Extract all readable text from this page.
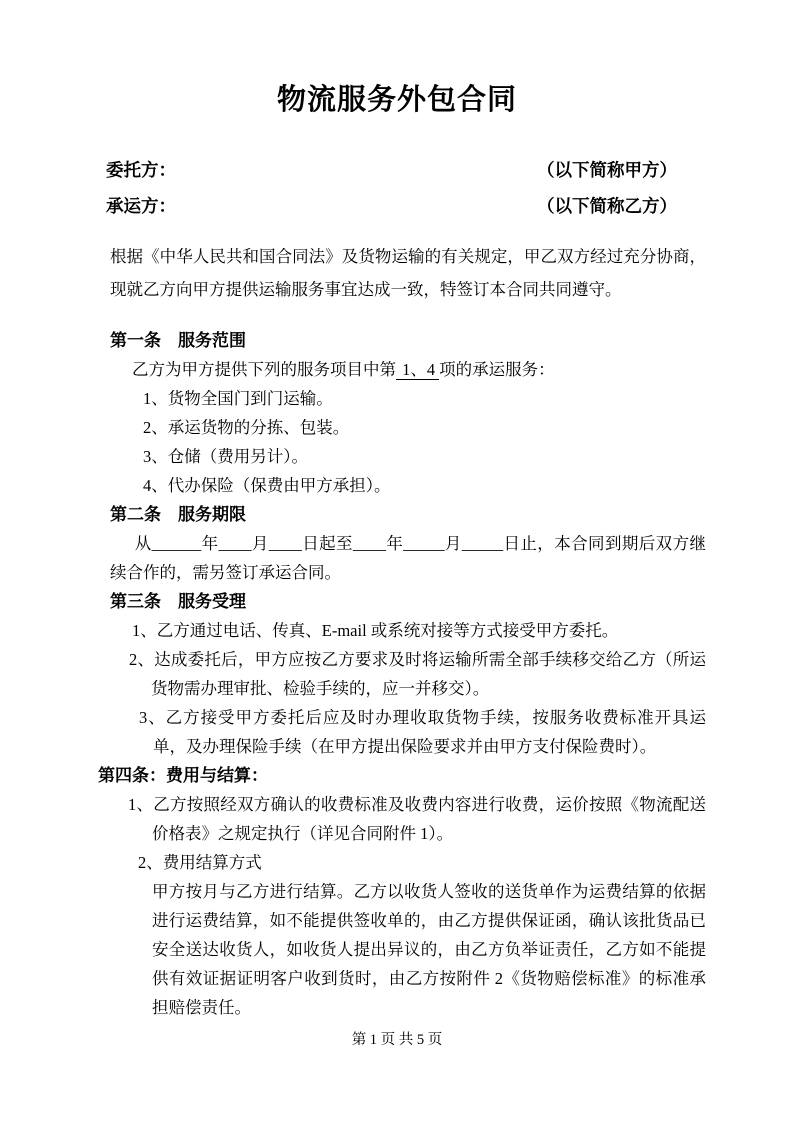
物流服务外包合同
委托方：	（以下简称甲方）
承运方：	（以下简称乙方）

根据《中华人民共和国合同法》及货物运输的有关规定，甲乙双方经过充分协商，现就乙方向甲方提供运输服务事宜达成一致，特签订本合同共同遵守。

第一条　服务范围

乙方为甲方提供下列的服务项目中第 1、4 项的承运服务：

1、货物全国门到门运输。

2、承运货物的分拣、包装。

3、仓储（费用另计）。

4、代办保险（保费由甲方承担）。

第二条　服务期限

从______年____月____日起至____年_____月_____日止，本合同到期后双方继续合作的，需另签订承运合同。

第三条　服务受理

1、乙方通过电话、传真、E-mail 或系统对接等方式接受甲方委托。

2、达成委托后，甲方应按乙方要求及时将运输所需全部手续移交给乙方（所运货物需办理审批、检验手续的，应一并移交）。

3、乙方接受甲方委托后应及时办理收取货物手续，按服务收费标准开具运单，及办理保险手续（在甲方提出保险要求并由甲方支付保险费时）。

第四条：费用与结算：

1、乙方按照经双方确认的收费标准及收费内容进行收费，运价按照《物流配送价格表》之规定执行（详见合同附件 1）。

2、费用结算方式

甲方按月与乙方进行结算。乙方以收货人签收的送货单作为运费结算的依据进行运费结算，如不能提供签收单的，由乙方提供保证函，确认该批货品已安全送达收货人，如收货人提出异议的，由乙方负举证责任，乙方如不能提供有效证据证明客户收到货时，由乙方按附件 2《货物赔偿标准》的标准承担赔偿责任。

第 1 页 共 5 页
